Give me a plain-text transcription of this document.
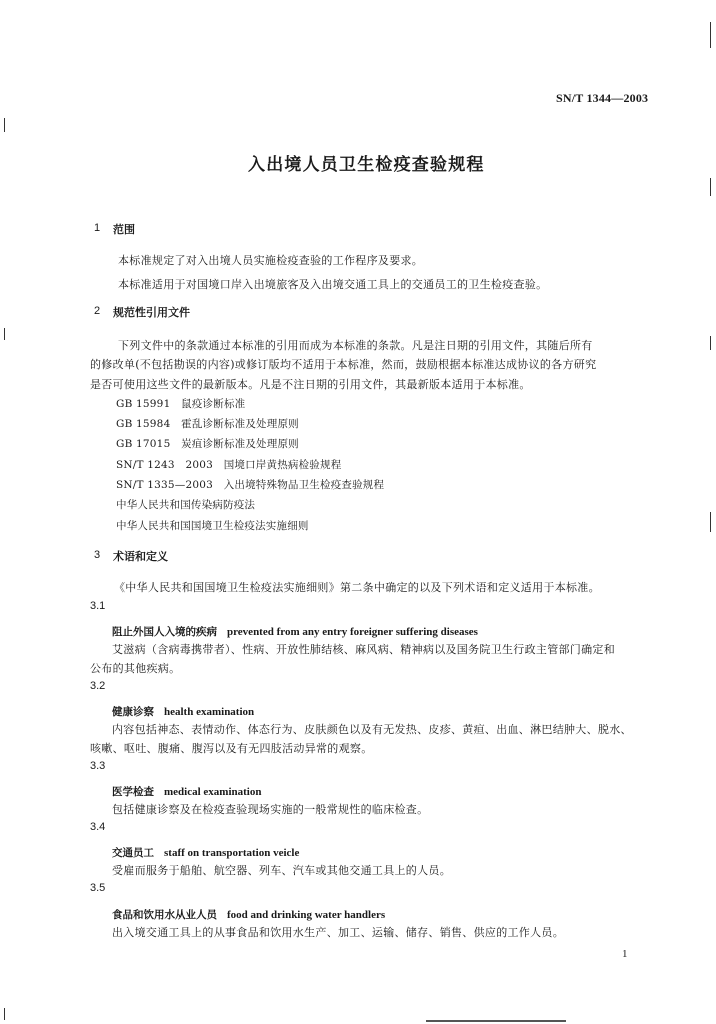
SN/T 1344—2003
入出境人员卫生检疫查验规程
1 范围
本标准规定了对入出境人员实施检疫查验的工作程序及要求。
本标准适用于对国境口岸入出境旅客及入出境交通工具上的交通员工的卫生检疫查验。
2 规范性引用文件
下列文件中的条款通过本标准的引用而成为本标准的条款。凡是注日期的引用文件，其随后所有
的修改单(不包括勘误的内容)或修订版均不适用于本标准，然而，鼓励根据本标准达成协议的各方研究
是否可使用这些文件的最新版本。凡是不注日期的引用文件，其最新版本适用于本标准。
GB 15991　鼠疫诊断标准
GB 15984　霍乱诊断标准及处理原则
GB 17015　炭疽诊断标准及处理原则
SN/T 1243　2003　国境口岸黄热病检验规程
SN/T 1335—2003　入出境特殊物品卫生检疫查验规程
中华人民共和国传染病防疫法
中华人民共和国国境卫生检疫法实施细则
3 术语和定义
《中华人民共和国国境卫生检疫法实施细则》第二条中确定的以及下列术语和定义适用于本标准。
3.1
阻止外国人入境的疾病 prevented from any entry foreigner suffering diseases
艾滋病（含病毒携带者）、性病、开放性肺结核、麻风病、精神病以及国务院卫生行政主管部门确定和
公布的其他疾病。
3.2
健康诊察 health examination
内容包括神态、表情动作、体态行为、皮肤颜色以及有无发热、皮疹、黄疸、出血、淋巴结肿大、脱水、
咳嗽、呕吐、腹痛、腹泻以及有无四肢活动异常的观察。
3.3
医学检查 medical examination
包括健康诊察及在检疫查验现场实施的一般常规性的临床检查。
3.4
交通员工 staff on transportation veicle
受雇而服务于船舶、航空器、列车、汽车或其他交通工具上的人员。
3.5
食品和饮用水从业人员 food and drinking water handlers
出入境交通工具上的从事食品和饮用水生产、加工、运输、储存、销售、供应的工作人员。
1
